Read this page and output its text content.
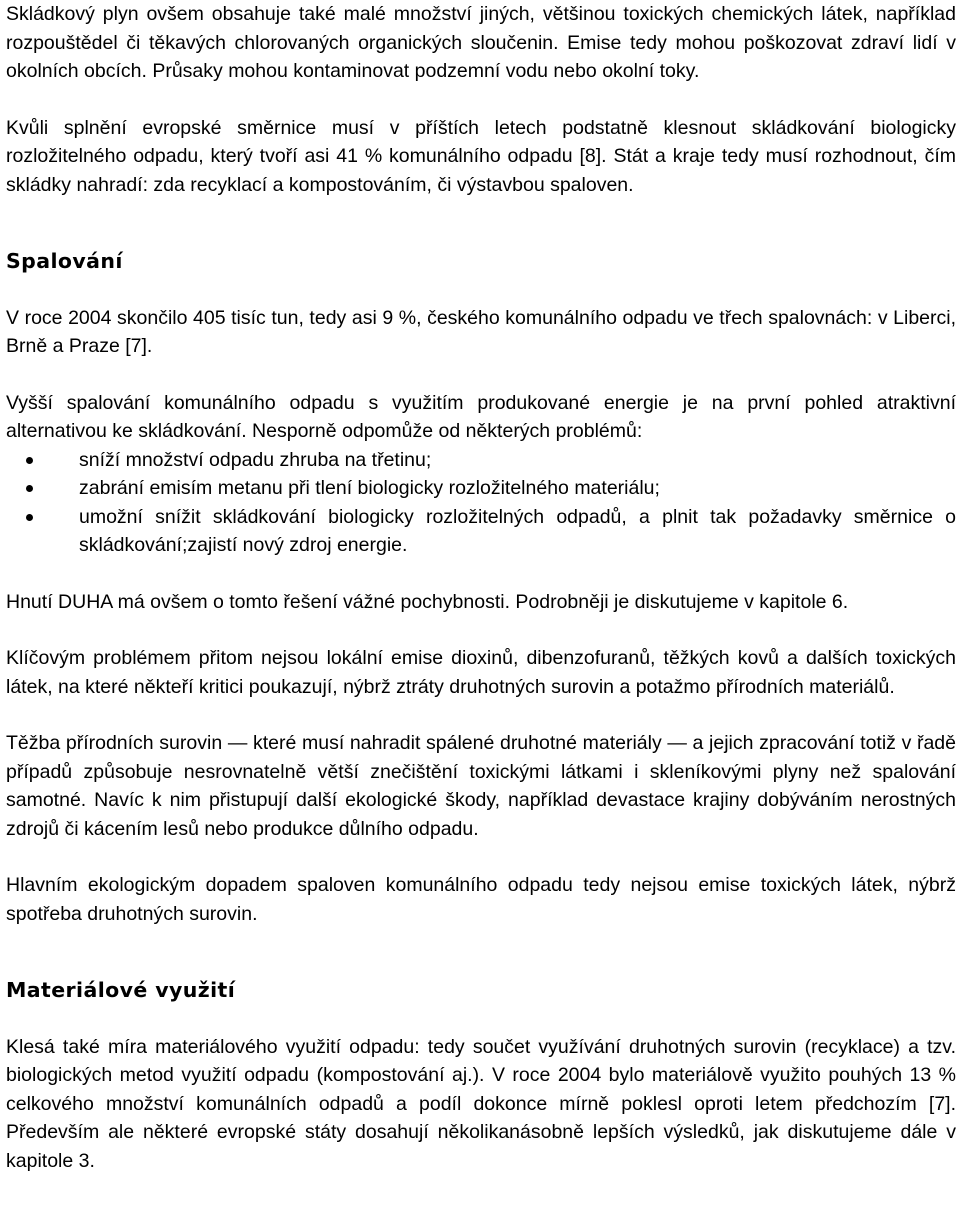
Skládkový plyn ovšem obsahuje také malé množství jiných, většinou toxických chemických látek, například rozpouštědel či těkavých chlorovaných organických sloučenin. Emise tedy mohou poškozovat zdraví lidí v okolních obcích. Průsaky mohou kontaminovat podzemní vodu nebo okolní toky.

Kvůli splnění evropské směrnice musí v příštích letech podstatně klesnout skládkování biologicky rozložitelného odpadu, který tvoří asi 41 % komunálního odpadu [8]. Stát a kraje tedy musí rozhodnout, čím skládky nahradí: zda recyklací a kompostováním, či výstavbou spaloven.

Spalování

V roce 2004 skončilo 405 tisíc tun, tedy asi 9 %, českého komunálního odpadu ve třech spalovnách: v Liberci, Brně a Praze [7].

Vyšší spalování komunálního odpadu s využitím produkované energie je na první pohled atraktivní alternativou ke skládkování. Nesporně odpomůže od některých problémů:

sníží množství odpadu zhruba na třetinu;
zabrání emisím metanu při tlení biologicky rozložitelného materiálu;
umožní snížit skládkování biologicky rozložitelných odpadů, a plnit tak požadavky směrnice o skládkování;zajistí nový zdroj energie.

Hnutí DUHA má ovšem o tomto řešení vážné pochybnosti. Podrobněji je diskutujeme v kapitole 6.

Klíčovým problémem přitom nejsou lokální emise dioxinů, dibenzofuranů, těžkých kovů a dalších toxických látek, na které někteří kritici poukazují, nýbrž ztráty druhotných surovin a potažmo přírodních materiálů.

Těžba přírodních surovin — které musí nahradit spálené druhotné materiály — a jejich zpracování totiž v řadě případů způsobuje nesrovnatelně větší znečištění toxickými látkami i skleníkovými plyny než spalování samotné. Navíc k nim přistupují další ekologické škody, například devastace krajiny dobýváním nerostných zdrojů či kácením lesů nebo produkce důlního odpadu.

Hlavním ekologickým dopadem spaloven komunálního odpadu tedy nejsou emise toxických látek, nýbrž spotřeba druhotných surovin.

Materiálové využití

Klesá také míra materiálového využití odpadu: tedy součet využívání druhotných surovin (recyklace) a tzv. biologických metod využití odpadu (kompostování aj.). V roce 2004 bylo materiálově využito pouhých 13 % celkového množství komunálních odpadů a podíl dokonce mírně poklesl oproti letem předchozím [7]. Především ale některé evropské státy dosahují několikanásobně lepších výsledků, jak diskutujeme dále v kapitole 3.
